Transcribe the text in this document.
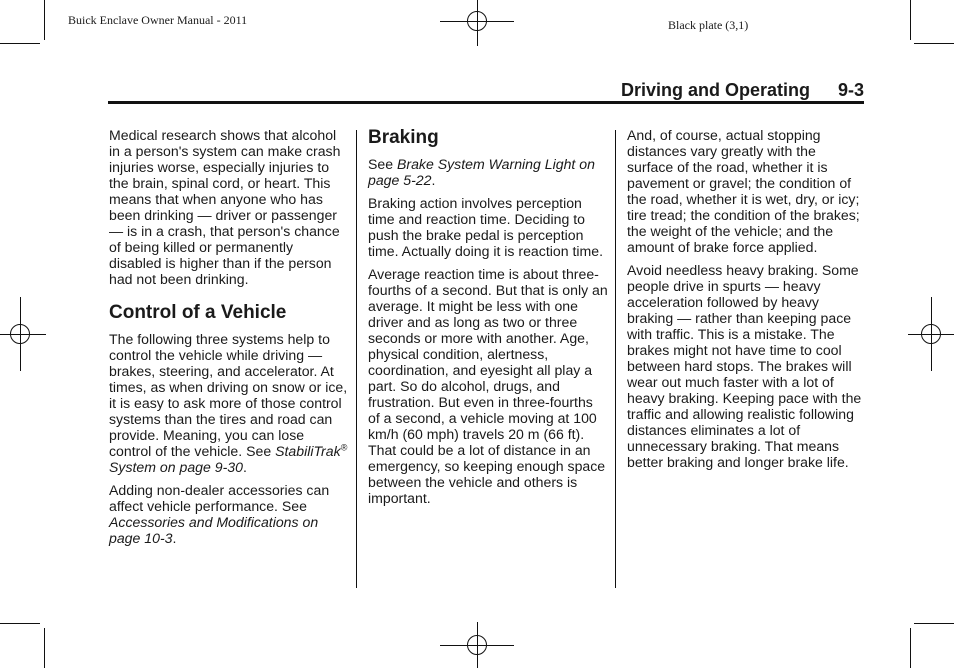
Buick Enclave Owner Manual - 2011	Black plate (3,1)
Driving and Operating 9-3

Medical research shows that alcohol in a person's system can make crash injuries worse, especially injuries to the brain, spinal cord, or heart. This means that when anyone who has been drinking — driver or passenger — is in a crash, that person's chance of being killed or permanently disabled is higher than if the person had not been drinking.

Control of a Vehicle

The following three systems help to control the vehicle while driving — brakes, steering, and accelerator. At times, as when driving on snow or ice, it is easy to ask more of those control systems than the tires and road can provide. Meaning, you can lose control of the vehicle. See StabiliTrak® System on page 9-30.

Adding non-dealer accessories can affect vehicle performance. See Accessories and Modifications on page 10-3.

Braking

See Brake System Warning Light on page 5-22.

Braking action involves perception time and reaction time. Deciding to push the brake pedal is perception time. Actually doing it is reaction time.

Average reaction time is about three-fourths of a second. But that is only an average. It might be less with one driver and as long as two or three seconds or more with another. Age, physical condition, alertness, coordination, and eyesight all play a part. So do alcohol, drugs, and frustration. But even in three-fourths of a second, a vehicle moving at 100 km/h (60 mph) travels 20 m (66 ft). That could be a lot of distance in an emergency, so keeping enough space between the vehicle and others is important.

And, of course, actual stopping distances vary greatly with the surface of the road, whether it is pavement or gravel; the condition of the road, whether it is wet, dry, or icy; tire tread; the condition of the brakes; the weight of the vehicle; and the amount of brake force applied.

Avoid needless heavy braking. Some people drive in spurts — heavy acceleration followed by heavy braking — rather than keeping pace with traffic. This is a mistake. The brakes might not have time to cool between hard stops. The brakes will wear out much faster with a lot of heavy braking. Keeping pace with the traffic and allowing realistic following distances eliminates a lot of unnecessary braking. That means better braking and longer brake life.
